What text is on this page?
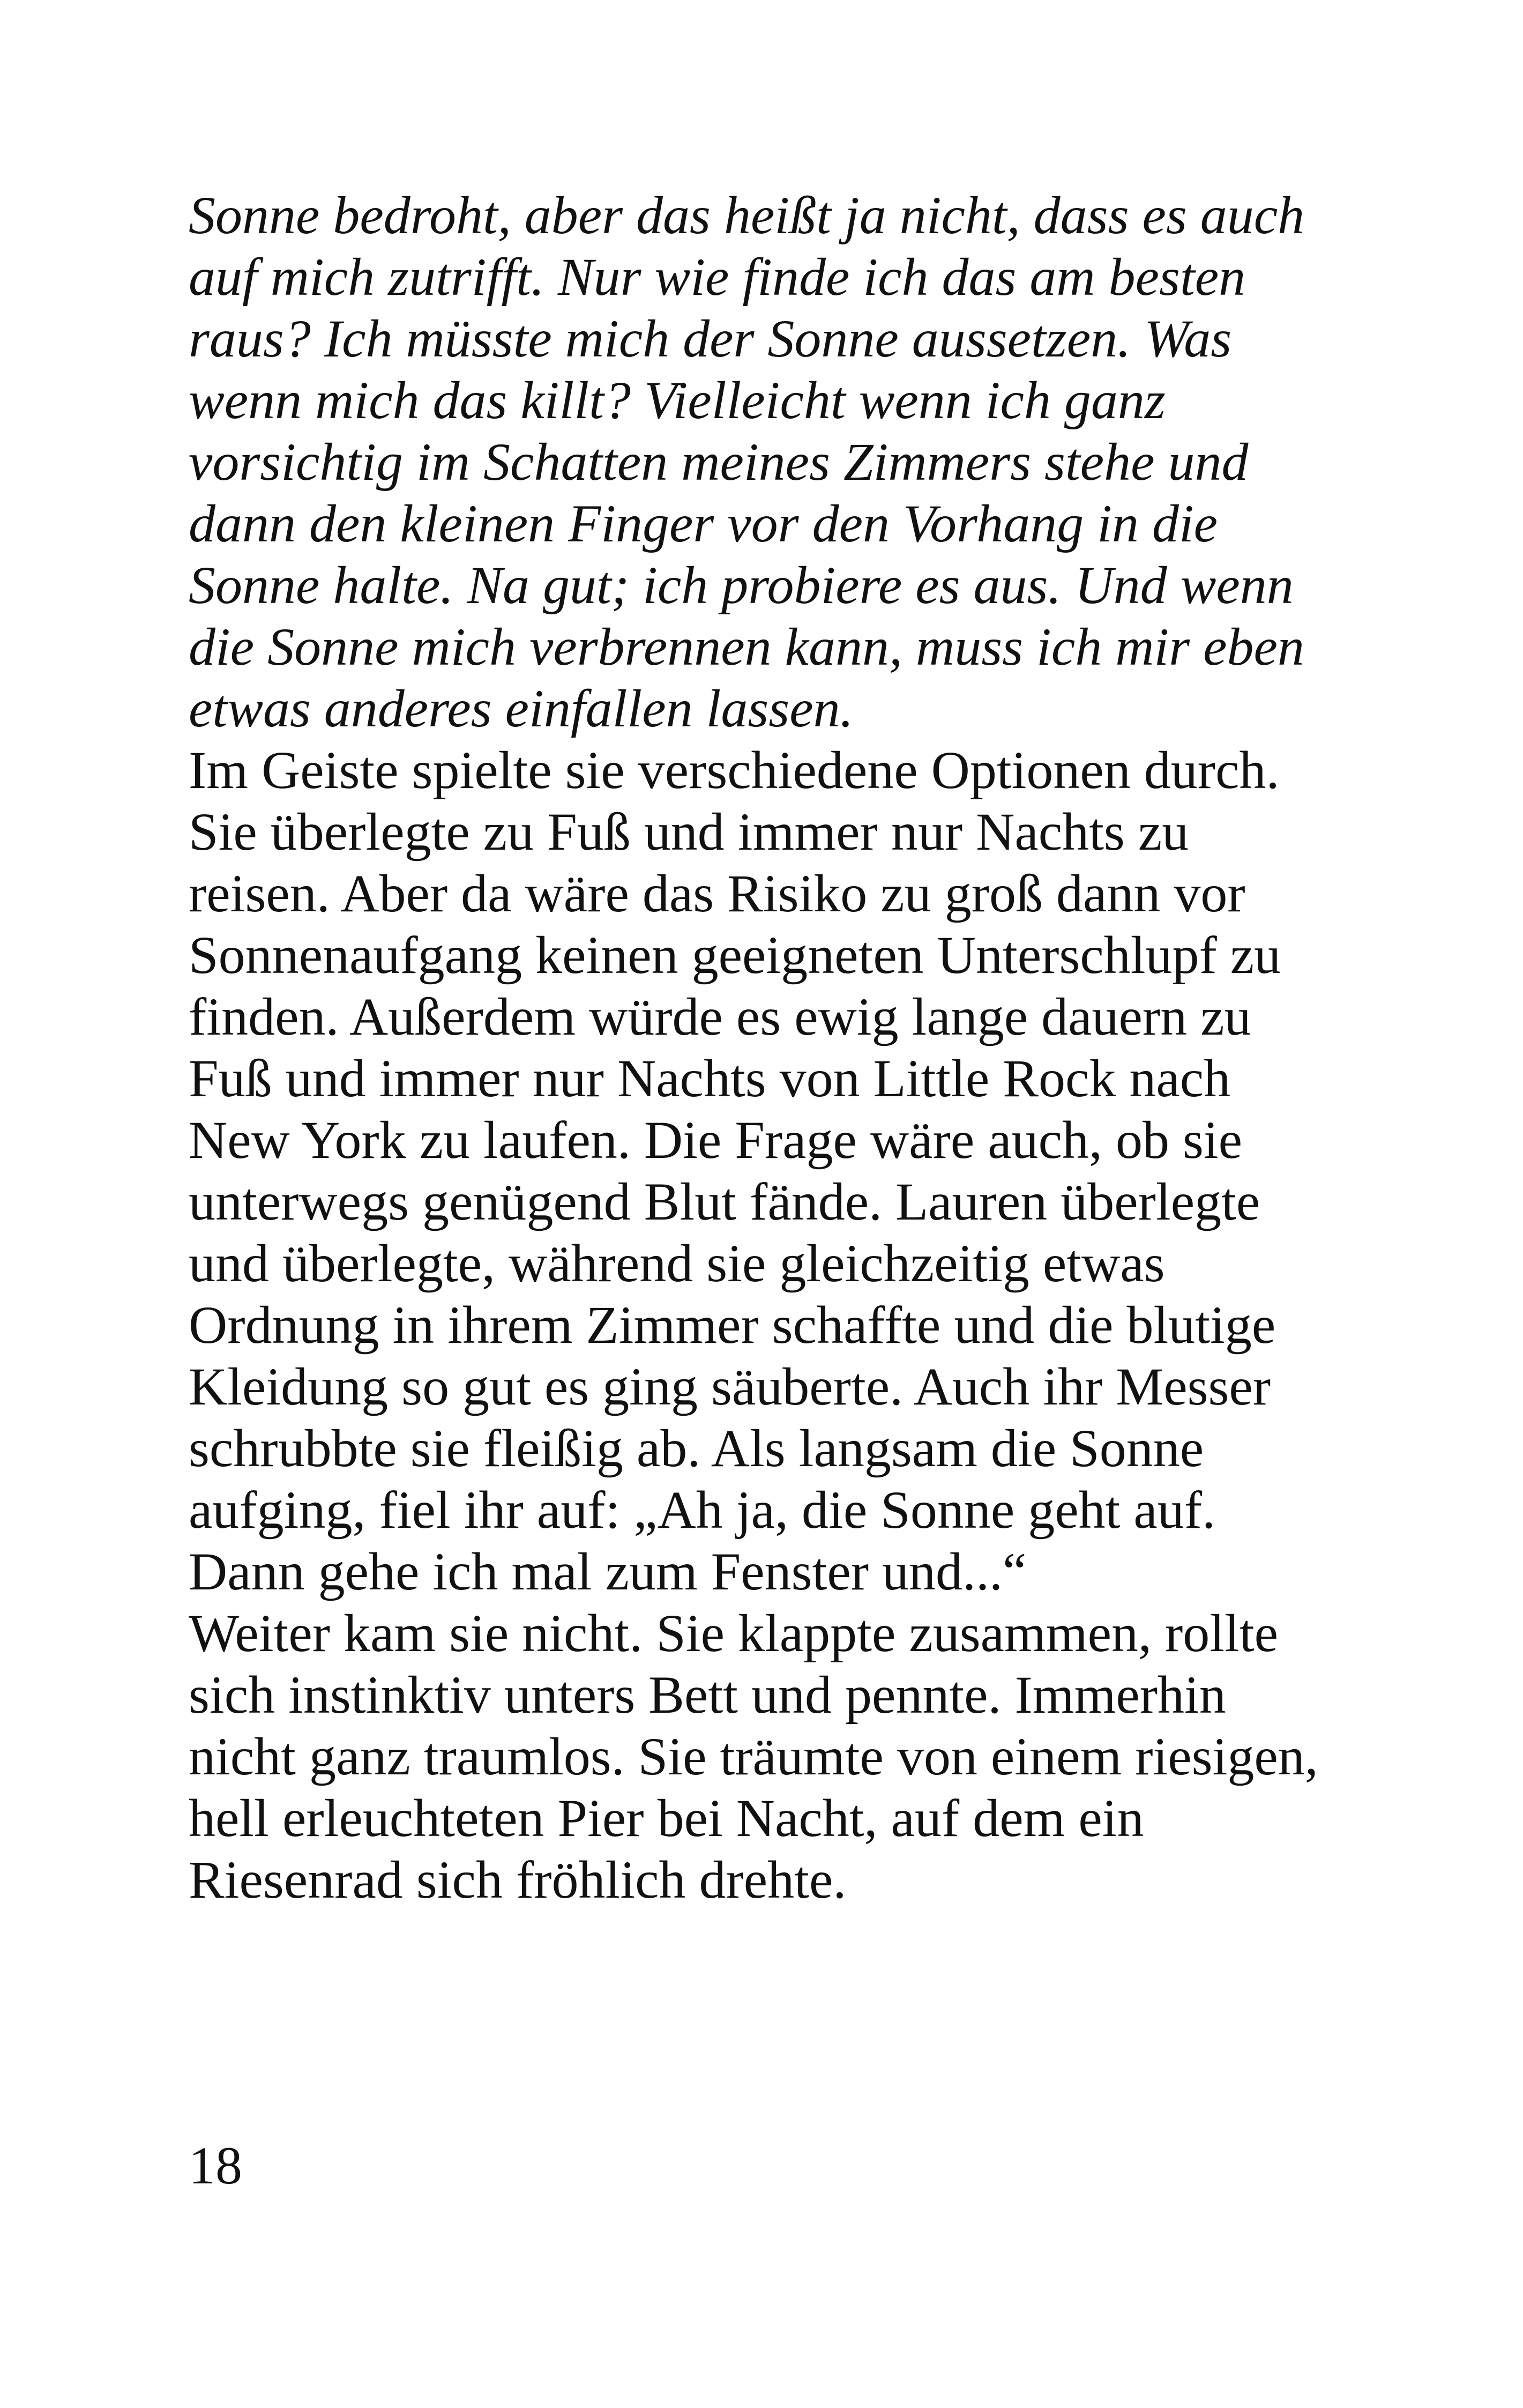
Sonne bedroht, aber das heißt ja nicht, dass es auch
auf mich zutrifft. Nur wie finde ich das am besten
raus? Ich müsste mich der Sonne aussetzen. Was
wenn mich das killt? Vielleicht wenn ich ganz
vorsichtig im Schatten meines Zimmers stehe und
dann den kleinen Finger vor den Vorhang in die
Sonne halte. Na gut; ich probiere es aus. Und wenn
die Sonne mich verbrennen kann, muss ich mir eben
etwas anderes einfallen lassen.
Im Geiste spielte sie verschiedene Optionen durch.
Sie überlegte zu Fuß und immer nur Nachts zu
reisen. Aber da wäre das Risiko zu groß dann vor
Sonnenaufgang keinen geeigneten Unterschlupf zu
finden. Außerdem würde es ewig lange dauern zu
Fuß und immer nur Nachts von Little Rock nach
New York zu laufen. Die Frage wäre auch, ob sie
unterwegs genügend Blut fände. Lauren überlegte
und überlegte, während sie gleichzeitig etwas
Ordnung in ihrem Zimmer schaffte und die blutige
Kleidung so gut es ging säuberte. Auch ihr Messer
schrubbte sie fleißig ab. Als langsam die Sonne
aufging, fiel ihr auf: „Ah ja, die Sonne geht auf.
Dann gehe ich mal zum Fenster und...“
Weiter kam sie nicht. Sie klappte zusammen, rollte
sich instinktiv unters Bett und pennte. Immerhin
nicht ganz traumlos. Sie träumte von einem riesigen,
hell erleuchteten Pier bei Nacht, auf dem ein
Riesenrad sich fröhlich drehte.
18
